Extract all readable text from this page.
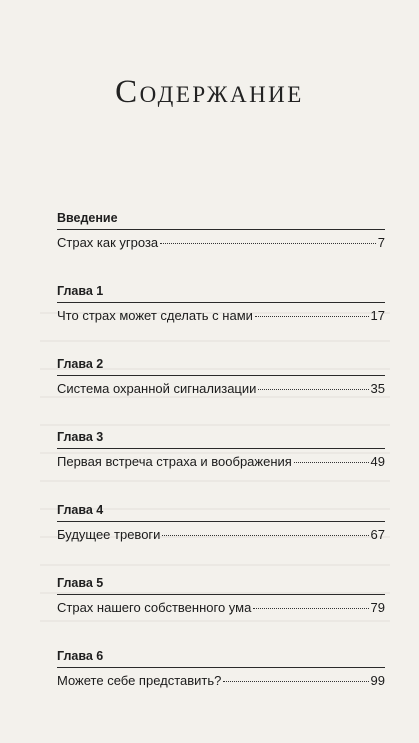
Содержание
Введение
Страх как угроза	7
Глава 1
Что страх может сделать с нами	17
Глава 2
Система охранной сигнализации	35
Глава 3
Первая встреча страха и воображения	49
Глава 4
Будущее тревоги	67
Глава 5
Страх нашего собственного ума	79
Глава 6
Можете себе представить?	99
